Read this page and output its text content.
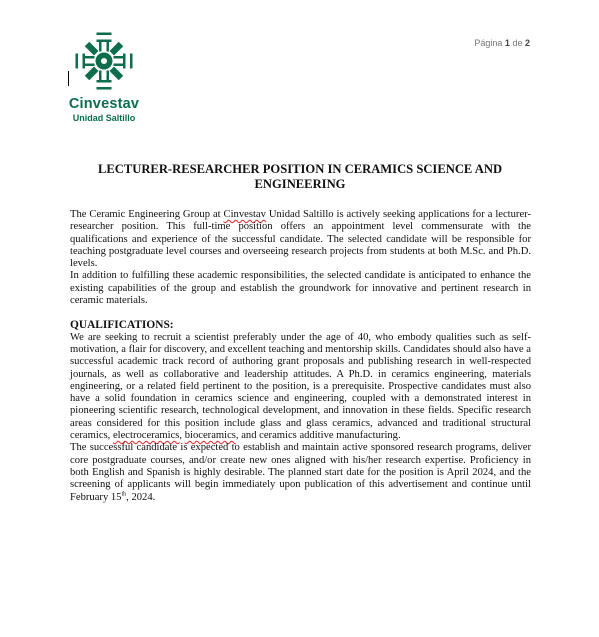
Cinvestav
Unidad Saltillo
Página 1 de 2
LECTURER-RESEARCHER POSITION IN CERAMICS SCIENCE AND
ENGINEERING

The Ceramic Engineering Group at Cinvestav Unidad Saltillo is actively seeking applications for a lecturer-researcher position. This full-time position offers an appointment level commensurate with the qualifications and experience of the successful candidate. The selected candidate will be responsible for teaching postgraduate level courses and overseeing research projects from students at both M.Sc. and Ph.D. levels.

In addition to fulfilling these academic responsibilities, the selected candidate is anticipated to enhance the existing capabilities of the group and establish the groundwork for innovative and pertinent research in ceramic materials.

QUALIFICATIONS:

We are seeking to recruit a scientist preferably under the age of 40, who embody qualities such as self-motivation, a flair for discovery, and excellent teaching and mentorship skills. Candidates should also have a successful academic track record of authoring grant proposals and publishing research in well-respected journals, as well as collaborative and leadership attitudes. A Ph.D. in ceramics engineering, materials engineering, or a related field pertinent to the position, is a prerequisite. Prospective candidates must also have a solid foundation in ceramics science and engineering, coupled with a demonstrated interest in pioneering scientific research, technological development, and innovation in these fields. Specific research areas considered for this position include glass and glass ceramics, advanced and traditional structural ceramics, electroceramics, bioceramics, and ceramics additive manufacturing.

The successful candidate is expected to establish and maintain active sponsored research programs, deliver core postgraduate courses, and/or create new ones aligned with his/her research expertise. Proficiency in both English and Spanish is highly desirable. The planned start date for the position is April 2024, and the screening of applicants will begin immediately upon publication of this advertisement and continue until February 15th, 2024.
